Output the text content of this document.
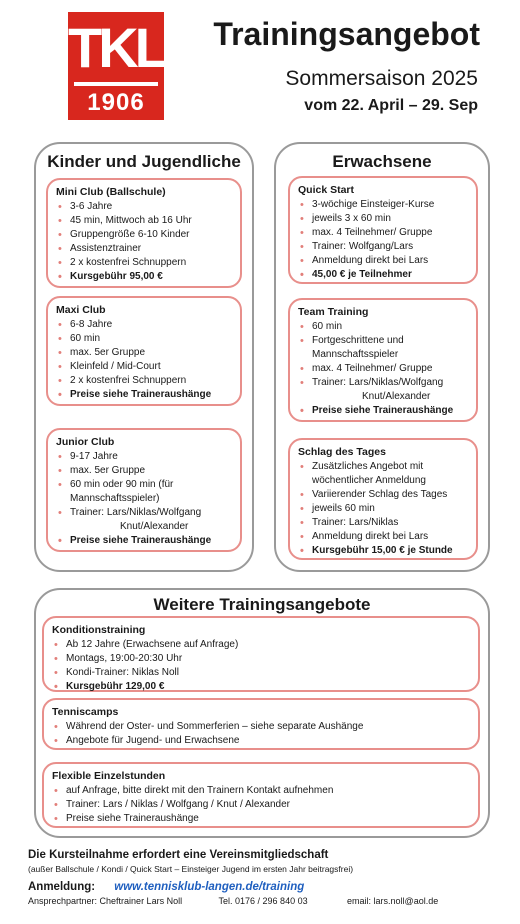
TKL
1906
Trainingsangebot
Sommersaison 2025
vom 22. April – 29. Sep
Kinder und Jugendliche
Mini Club (Ballschule)
• 3-6 Jahre
• 45 min, Mittwoch ab 16 Uhr
• Gruppengröße 6-10 Kinder
• Assistenztrainer
• 2 x kostenfrei Schnuppern
• Kursgebühr 95,00 €
Maxi Club
• 6-8 Jahre
• 60 min
• max. 5er Gruppe
• Kleinfeld / Mid-Court
• 2 x kostenfrei Schnuppern
• Preise siehe Traineraushänge
Junior Club
• 9-17 Jahre
• max. 5er Gruppe
• 60 min oder 90 min (für
Mannschaftsspieler)
• Trainer: Lars/Niklas/Wolfgang
Knut/Alexander
• Preise siehe Traineraushänge
Erwachsene
Quick Start
• 3-wöchige Einsteiger-Kurse
• jeweils 3 x 60 min
• max. 4 Teilnehmer/ Gruppe
• Trainer: Wolfgang/Lars
• Anmeldung direkt bei Lars
• 45,00 € je Teilnehmer
Team Training
• 60 min
• Fortgeschrittene und
Mannschaftsspieler
• max. 4 Teilnehmer/ Gruppe
• Trainer: Lars/Niklas/Wolfgang
Knut/Alexander
• Preise siehe Traineraushänge
Schlag des Tages
• Zusätzliches Angebot mit
wöchentlicher Anmeldung
• Variierender Schlag des Tages
• jeweils 60 min
• Trainer: Lars/Niklas
• Anmeldung direkt bei Lars
• Kursgebühr 15,00 € je Stunde
Weitere Trainingsangebote
Konditionstraining
• Ab 12 Jahre (Erwachsene auf Anfrage)
• Montags, 19:00-20:30 Uhr
• Kondi-Trainer: Niklas Noll
• Kursgebühr 129,00 €
Tenniscamps
• Während der Oster- und Sommerferien – siehe separate Aushänge
• Angebote für Jugend- und Erwachsene
Flexible Einzelstunden
• auf Anfrage, bitte direkt mit den Trainern Kontakt aufnehmen
• Trainer: Lars / Niklas / Wolfgang / Knut / Alexander
• Preise siehe Traineraushänge
Die Kursteilnahme erfordert eine Vereinsmitgliedschaft
(außer Ballschule / Kondi / Quick Start – Einsteiger Jugend im ersten Jahr beitragsfrei)
Anmeldung: www.tennisklub-langen.de/training
Ansprechpartner: Cheftrainer Lars Noll	Tel. 0176 / 296 840 03	email: lars.noll@aol.de
